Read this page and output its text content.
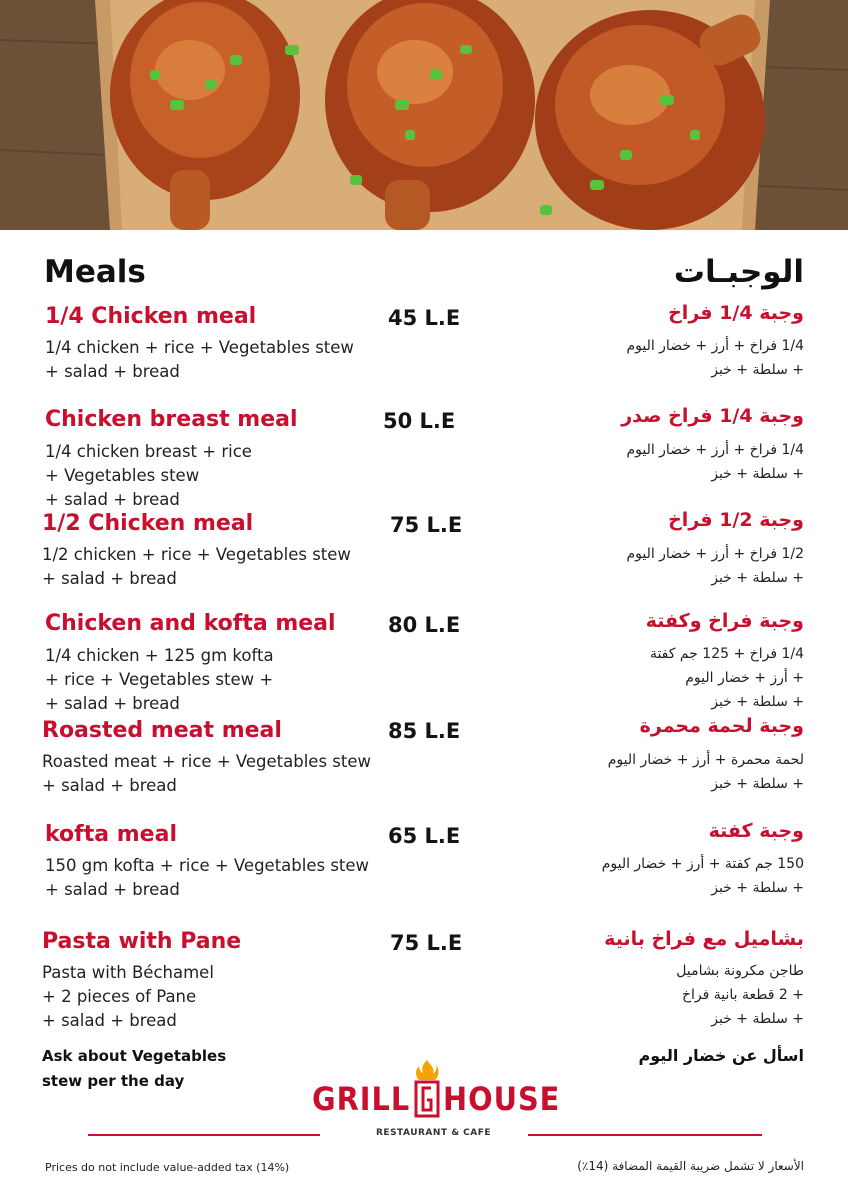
Meals	الوجبـات
1/4 Chicken meal	45 L.E
1/4 chicken + rice + Vegetables stew
+ salad + bread
وجبة 1/4 فراخ
1/4 فراخ + أرز + خضار اليوم
+ سلطة + خبز
Chicken breast meal	50 L.E
1/4 chicken breast + rice
+ Vegetables stew
+ salad + bread
وجبة 1/4 فراخ صدر
1/4 فراخ + أرز + خضار اليوم
+ سلطة + خبز
1/2 Chicken meal	75 L.E
1/2 chicken + rice + Vegetables stew
+ salad + bread
وجبة 1/2 فراخ
1/2 فراخ + أرز + خضار اليوم
+ سلطة + خبز
Chicken and kofta meal 80 L.E
1/4 chicken + 125 gm kofta
+ rice + Vegetables stew +
+ salad + bread
وجبة فراخ وكفتة
1/4 فراخ + 125 جم كفتة
+ أرز + خضار اليوم
+ سلطة + خبز
Roasted meat meal	85 L.E
Roasted meat + rice + Vegetables stew
+ salad + bread
وجبة لحمة محمرة
لحمة محمرة + أرز + خضار اليوم
+ سلطة + خبز
kofta meal	65 L.E
150 gm kofta + rice + Vegetables stew
+ salad + bread
وجبة كفتة
150 جم كفتة + أرز + خضار اليوم
+ سلطة + خبز
Pasta with Pane	75 L.E
Pasta with Béchamel
+ 2 pieces of Pane
+ salad + bread
بشاميل مع فراخ بانية
طاجن مكرونة بشاميل
+ 2 قطعة بانية فراخ
+ سلطة + خبز
Ask about Vegetables
stew per the day
اسأل عن خضار اليوم
GRILL HOUSE
RESTAURANT & CAFE
Prices do not include value-added tax (14%)	الأسعار لا تشمل ضريبة القيمة المضافة (14٪)
